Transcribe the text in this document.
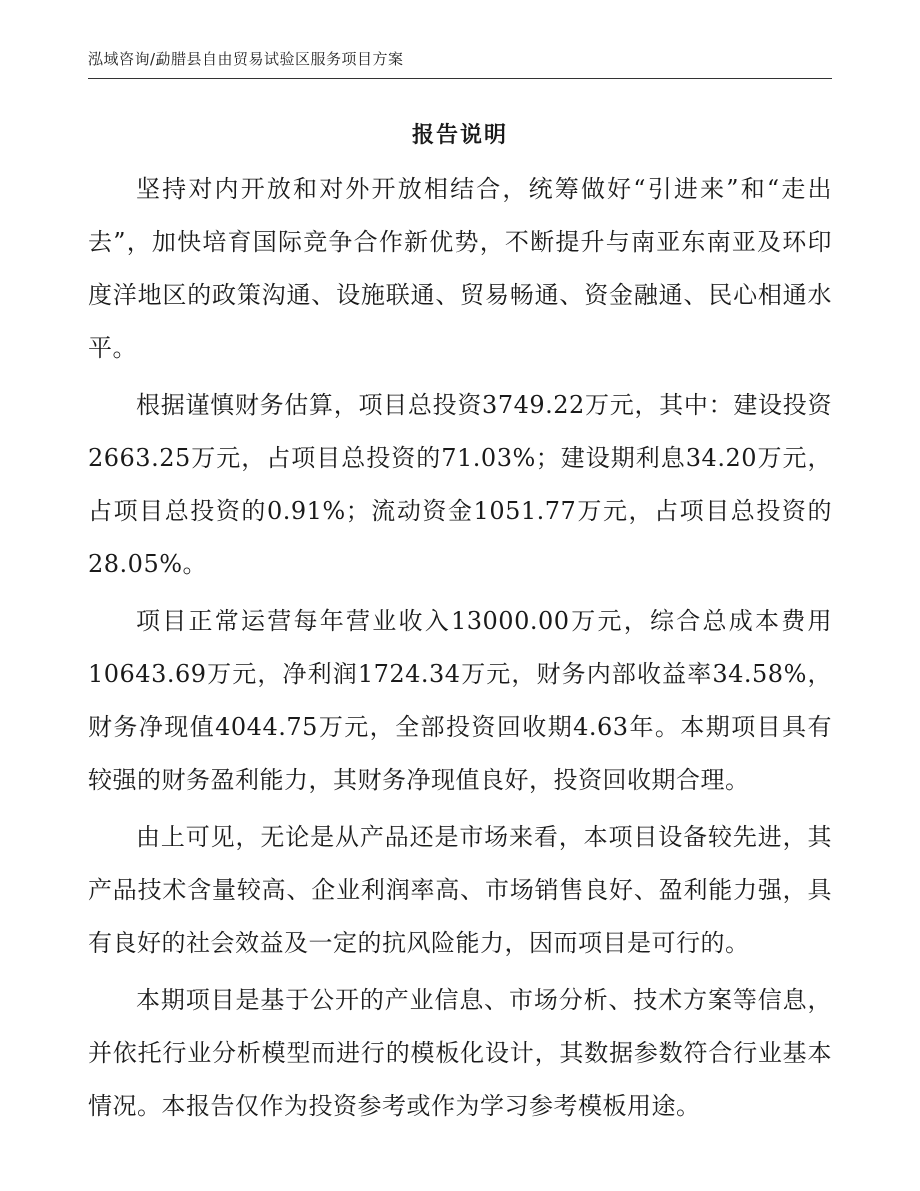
泓域咨询/勐腊县自由贸易试验区服务项目方案
报告说明

坚持对内开放和对外开放相结合，统筹做好“引进来”和“走出去”，加快培育国际竞争合作新优势，不断提升与南亚东南亚及环印度洋地区的政策沟通、设施联通、贸易畅通、资金融通、民心相通水平。

根据谨慎财务估算，项目总投资3749.22万元，其中：建设投资2663.25万元，占项目总投资的71.03%；建设期利息34.20万元，占项目总投资的0.91%；流动资金1051.77万元，占项目总投资的28.05%。

项目正常运营每年营业收入13000.00万元，综合总成本费用10643.69万元，净利润1724.34万元，财务内部收益率34.58%，财务净现值4044.75万元，全部投资回收期4.63年。本期项目具有较强的财务盈利能力，其财务净现值良好，投资回收期合理。

由上可见，无论是从产品还是市场来看，本项目设备较先进，其产品技术含量较高、企业利润率高、市场销售良好、盈利能力强，具有良好的社会效益及一定的抗风险能力，因而项目是可行的。

本期项目是基于公开的产业信息、市场分析、技术方案等信息，并依托行业分析模型而进行的模板化设计，其数据参数符合行业基本情况。本报告仅作为投资参考或作为学习参考模板用途。
